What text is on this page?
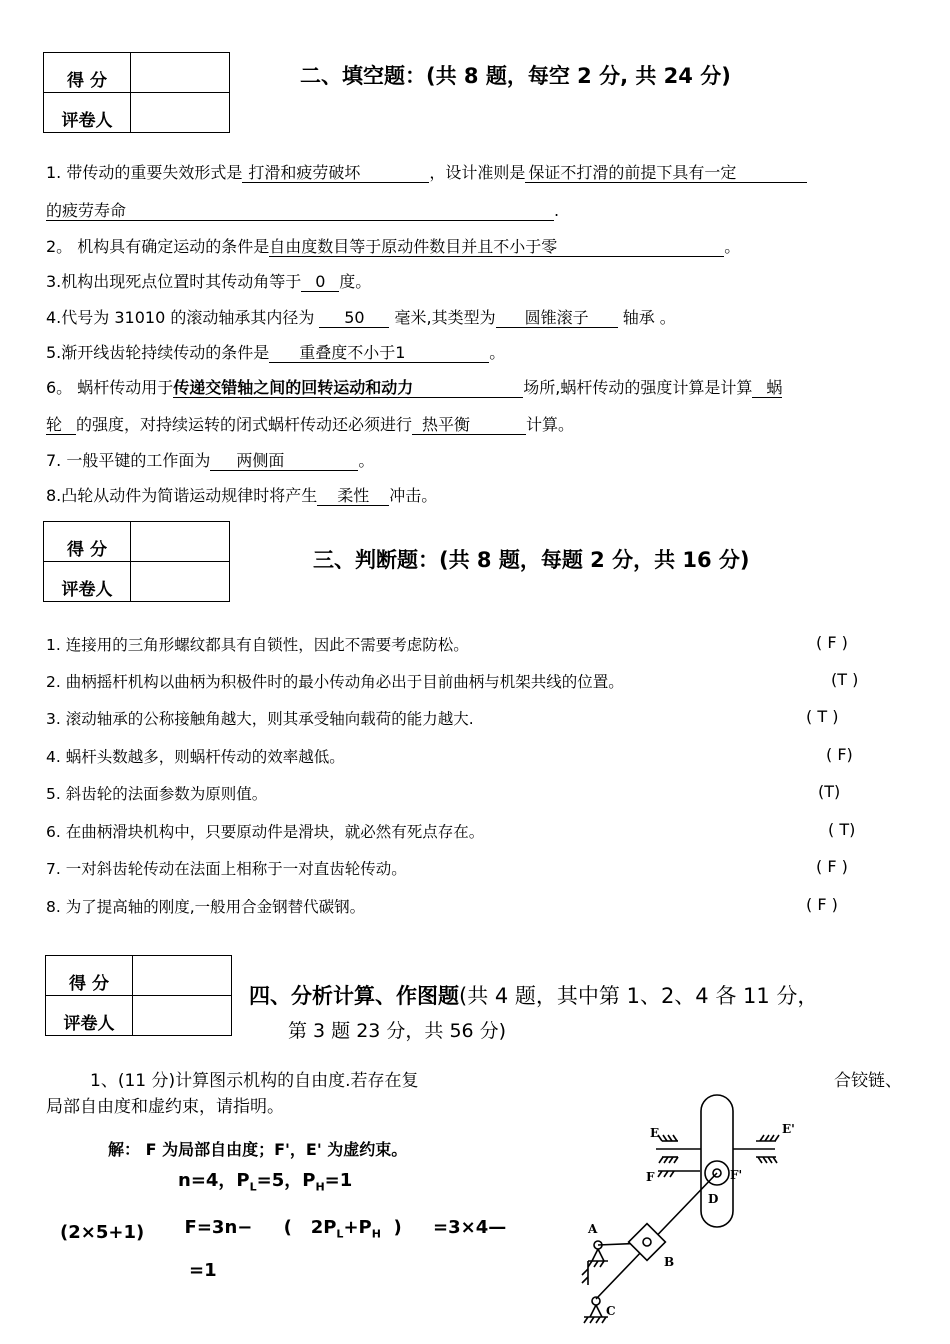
得 分	
评卷人	
二、填空题：(共 8 题，每空 2 分, 共 24 分)
1. 带传动的重要失效形式是 打滑和疲劳破坏	，设计准则是 保证不打滑的前提下具有一定
的疲劳寿命	.
2。 机构具有确定运动的条件是自由度数目等于原动件数目并且不小于零	。
3.机构出现死点位置时其传动角等于 0 度。
4.代号为 31010 的滚动轴承其内径为 50 毫米,其类型为 圆锥滚子 轴承 。
5.渐开线齿轮持续传动的条件是 重叠度不小于1	。
6。 蜗杆传动用于传递交错轴之间的回转运动和动力	场所,蜗杆传动的强度计算是计算 蜗
轮 的强度，对持续运转的闭式蜗杆传动还必须进行 热平衡	计算。
7. 一般平键的工作面为 两侧面	。
8.凸轮从动件为简谐运动规律时将产生 柔性 冲击。
得 分	
评卷人	
三、判断题：(共 8 题，每题 2 分，共 16 分)
1. 连接用的三角形螺纹都具有自锁性，因此不需要考虑防松。	( F )
2. 曲柄摇杆机构以曲柄为积极件时的最小传动角必出于目前曲柄与机架共线的位置。	(T )
3. 滚动轴承的公称接触角越大，则其承受轴向载荷的能力越大.	( T )
4. 蜗杆头数越多，则蜗杆传动的效率越低。	( F)
5. 斜齿轮的法面参数为原则值。	(T)
6. 在曲柄滑块机构中，只要原动件是滑块，就必然有死点存在。	( T)
7. 一对斜齿轮传动在法面上相称于一对直齿轮传动。	( F )
8. 为了提高轴的刚度,一般用合金钢替代碳钢。	( F )
得 分	
评卷人	
四、分析计算、作图题(共 4 题，其中第 1、2、4 各 11 分，
第 3 题 23 分，共 56 分)
1、(11 分)计算图示机构的自由度.若存在复	合铰链、
局部自由度和虚约束，请指明。
解： F 为局部自由度；F'，E' 为虚约束。
n=4，$P_L=5$，$P_H=1$

F=3n−     (   $2P_L+P_H$  )     =3×4—

(2×5+1)
=1
E	E'
F	F'
D
A
B
C
